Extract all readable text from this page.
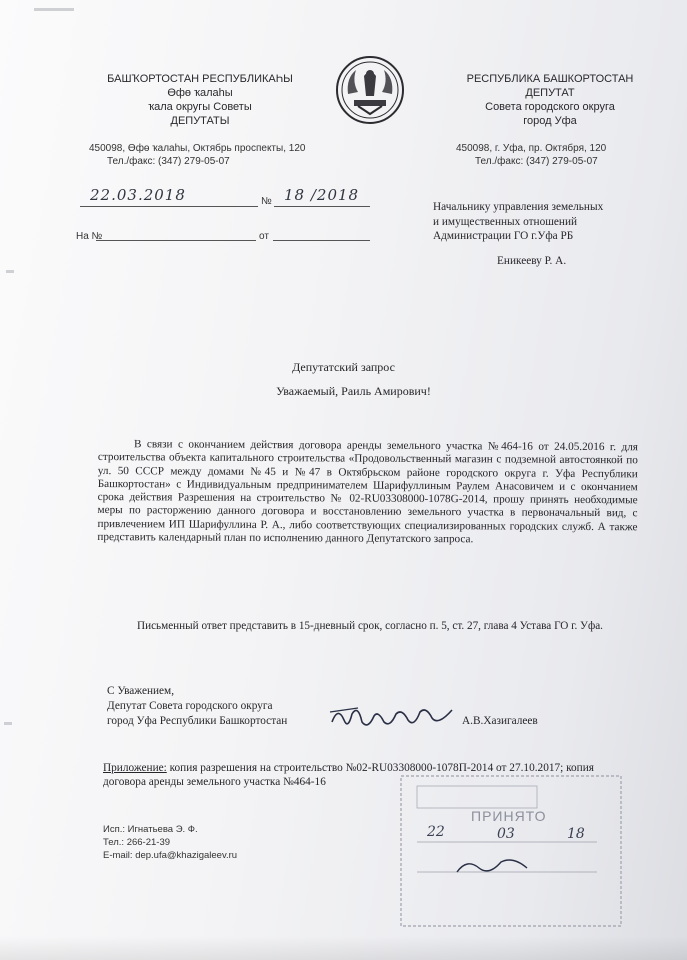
БАШҠОРТОСТАН РЕСПУБЛИКАҺЫ
Өфө ҡалаһы
ҡала округы Советы
ДЕПУТАТЫ
450098, Өфө ҡалаһы, Октябрь проспекты, 120
Тел./факс: (347) 279-05-07
РЕСПУБЛИКА БАШКОРТОСТАН
ДЕПУТАТ
Совета городского округа
город Уфа
450098, г. Уфа, пр. Октября, 120
Тел./факс: (347) 279-05-07
22.03.2018	№ 18 /2018
На №	от
Начальнику управления земельных
и имущественных отношений
Администрации ГО г.Уфа РБ
Еникееву Р. А.
Депутатский запрос
Уважаемый, Раиль Амирович!
В связи с окончанием действия договора аренды земельного участка №464-16 от 24.05.2016 г. для строительства объекта капитального строительства «Продовольственный магазин с подземной автостоянкой по ул. 50 СССР между домами №45 и №47 в Октябрьском районе городского округа г. Уфа Республики Башкортостан» с Индивидуальным предпринимателем Шарифуллиным Раулем Анасовичем и с окончанием срока действия Разрешения на строительство № 02-RU03308000-1078G-2014, прошу принять необходимые меры по расторжению данного договора и восстановлению земельного участка в первоначальный вид, с привлечением ИП Шарифуллина Р. А., либо соответствующих специализированных городских служб. А также представить календарный план по исполнению данного Депутатского запроса.
Письменный ответ представить в 15-дневный срок, согласно п. 5, ст. 27, глава 4 Устава ГО г. Уфа.
С Уважением,
Депутат Совета городского округа
город Уфа Республики Башкортостан	А.В.Хазигалеев
Приложение: копия разрешения на строительство №02-RU03308000-1078П-2014 от 27.10.2017; копия договора аренды земельного участка №464-16
Исп.: Игнатьева Э. Ф.
Тел.: 266-21-39
E-mail: dep.ufa@khazigaleev.ru
ПРИНЯТО
22	03	18
